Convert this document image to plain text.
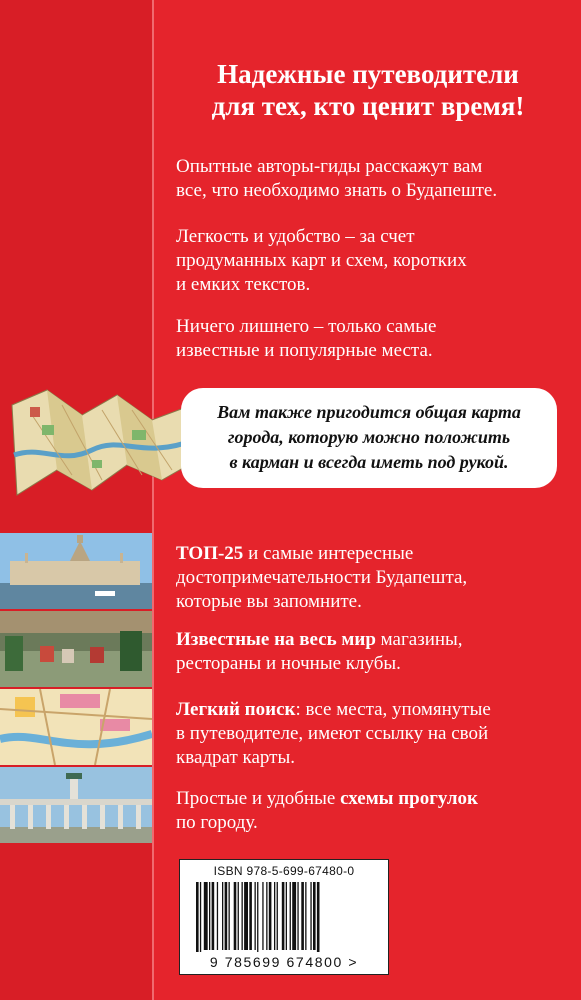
Надежные путеводители
для тех, кто ценит время!
Опытные авторы-гиды расскажут вам
все, что необходимо знать о Будапеште.
Легкость и удобство – за счет
продуманных карт и схем, коротких
и емких текстов.
Ничего лишнего – только самые
известные и популярные места.
Вам также пригодится общая карта
города, которую можно положить
в карман и всегда иметь под рукой.
ТОП-25 и самые интересные
достопримечательности Будапешта,
которые вы запомните.
Известные на весь мир магазины,
рестораны и ночные клубы.
Легкий поиск: все места, упомянутые
в путеводителе, имеют ссылку на свой
квадрат карты.
Простые и удобные схемы прогулок
по городу.
ISBN 978-5-699-67480-0
9 785699 674800 >
